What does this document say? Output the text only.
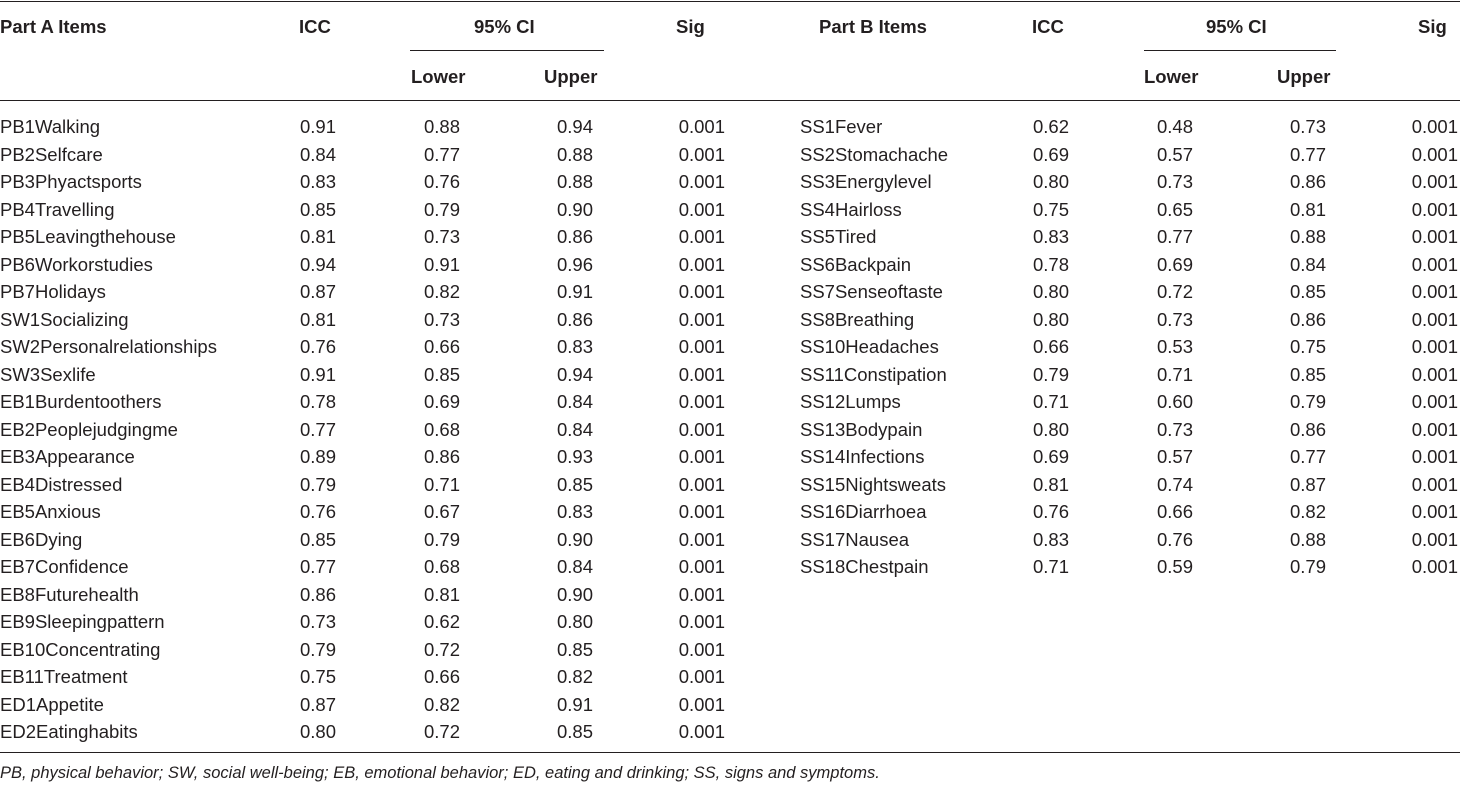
Part A Items	ICC	95% CI	Sig
Lower	Upper
Part B Items	ICC	95% CI	Sig
Lower	Upper
PB1Walking	0.91	0.88	0.94	0.001
PB2Selfcare	0.84	0.77	0.88	0.001
PB3Phyactsports	0.83	0.76	0.88	0.001
PB4Travelling	0.85	0.79	0.90	0.001
PB5Leavingthehouse	0.81	0.73	0.86	0.001
PB6Workorstudies	0.94	0.91	0.96	0.001
PB7Holidays	0.87	0.82	0.91	0.001
SW1Socializing	0.81	0.73	0.86	0.001
SW2Personalrelationships	0.76	0.66	0.83	0.001
SW3Sexlife	0.91	0.85	0.94	0.001
EB1Burdentoothers	0.78	0.69	0.84	0.001
EB2Peoplejudgingme	0.77	0.68	0.84	0.001
EB3Appearance	0.89	0.86	0.93	0.001
EB4Distressed	0.79	0.71	0.85	0.001
EB5Anxious	0.76	0.67	0.83	0.001
EB6Dying	0.85	0.79	0.90	0.001
EB7Confidence	0.77	0.68	0.84	0.001
EB8Futurehealth	0.86	0.81	0.90	0.001
EB9Sleepingpattern	0.73	0.62	0.80	0.001
EB10Concentrating	0.79	0.72	0.85	0.001
EB11Treatment	0.75	0.66	0.82	0.001
ED1Appetite	0.87	0.82	0.91	0.001
ED2Eatinghabits	0.80	0.72	0.85	0.001
SS1Fever	0.62	0.48	0.73	0.001
SS2Stomachache	0.69	0.57	0.77	0.001
SS3Energylevel	0.80	0.73	0.86	0.001
SS4Hairloss	0.75	0.65	0.81	0.001
SS5Tired	0.83	0.77	0.88	0.001
SS6Backpain	0.78	0.69	0.84	0.001
SS7Senseoftaste	0.80	0.72	0.85	0.001
SS8Breathing	0.80	0.73	0.86	0.001
SS10Headaches	0.66	0.53	0.75	0.001
SS11Constipation	0.79	0.71	0.85	0.001
SS12Lumps	0.71	0.60	0.79	0.001
SS13Bodypain	0.80	0.73	0.86	0.001
SS14Infections	0.69	0.57	0.77	0.001
SS15Nightsweats	0.81	0.74	0.87	0.001
SS16Diarrhoea	0.76	0.66	0.82	0.001
SS17Nausea	0.83	0.76	0.88	0.001
SS18Chestpain	0.71	0.59	0.79	0.001
PB, physical behavior; SW, social well-being; EB, emotional behavior; ED, eating and drinking; SS, signs and symptoms.
